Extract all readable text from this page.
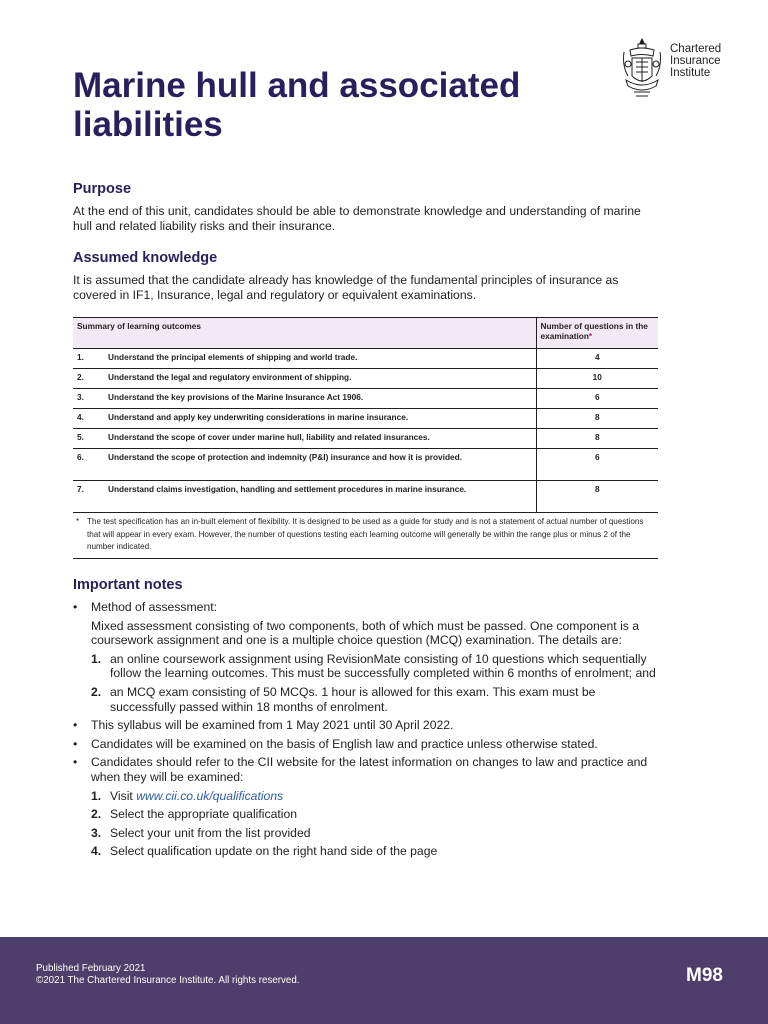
Chartered
Insurance
Institute
Marine hull and associated liabilities
Purpose
At the end of this unit, candidates should be able to demonstrate knowledge and understanding of marine hull and related liability risks and their insurance.
Assumed knowledge
It is assumed that the candidate already has knowledge of the fundamental principles of insurance as covered in IF1, Insurance, legal and regulatory or equivalent examinations.
Summary of learning outcomes		Number of questions in the examination*
1.	Understand the principal elements of shipping and world trade.	4
2.	Understand the legal and regulatory environment of shipping.	10
3.	Understand the key provisions of the Marine Insurance Act 1906.	6
4.	Understand and apply key underwriting considerations in marine insurance.	8
5.	Understand the scope of cover under marine hull, liability and related insurances.	8
6.	Understand the scope of protection and indemnity (P&I) insurance and how it is provided.	6
7.	Understand claims investigation, handling and settlement procedures in marine insurance.	8
* The test specification has an in-built element of flexibility. It is designed to be used as a guide for study and is not a statement of actual number of questions that will appear in every exam. However, the number of questions testing each learning outcome will generally be within the range plus or minus 2 of the number indicated.
Important notes
• Method of assessment:

Mixed assessment consisting of two components, both of which must be passed. One component is a coursework assignment and one is a multiple choice question (MCQ) examination. The details are:

1. an online coursework assignment using RevisionMate consisting of 10 questions which sequentially follow the learning outcomes. This must be successfully completed within 6 months of enrolment; and
2. an MCQ exam consisting of 50 MCQs. 1 hour is allowed for this exam. This exam must be successfully passed within 18 months of enrolment.
• This syllabus will be examined from 1 May 2021 until 30 April 2022.
• Candidates will be examined on the basis of English law and practice unless otherwise stated.
• Candidates should refer to the CII website for the latest information on changes to law and practice and when they will be examined:
1. Visit www.cii.co.uk/qualifications
2. Select the appropriate qualification
3. Select your unit from the list provided
4. Select qualification update on the right hand side of the page
Published February 2021
©2021 The Chartered Insurance Institute. All rights reserved.	M98
